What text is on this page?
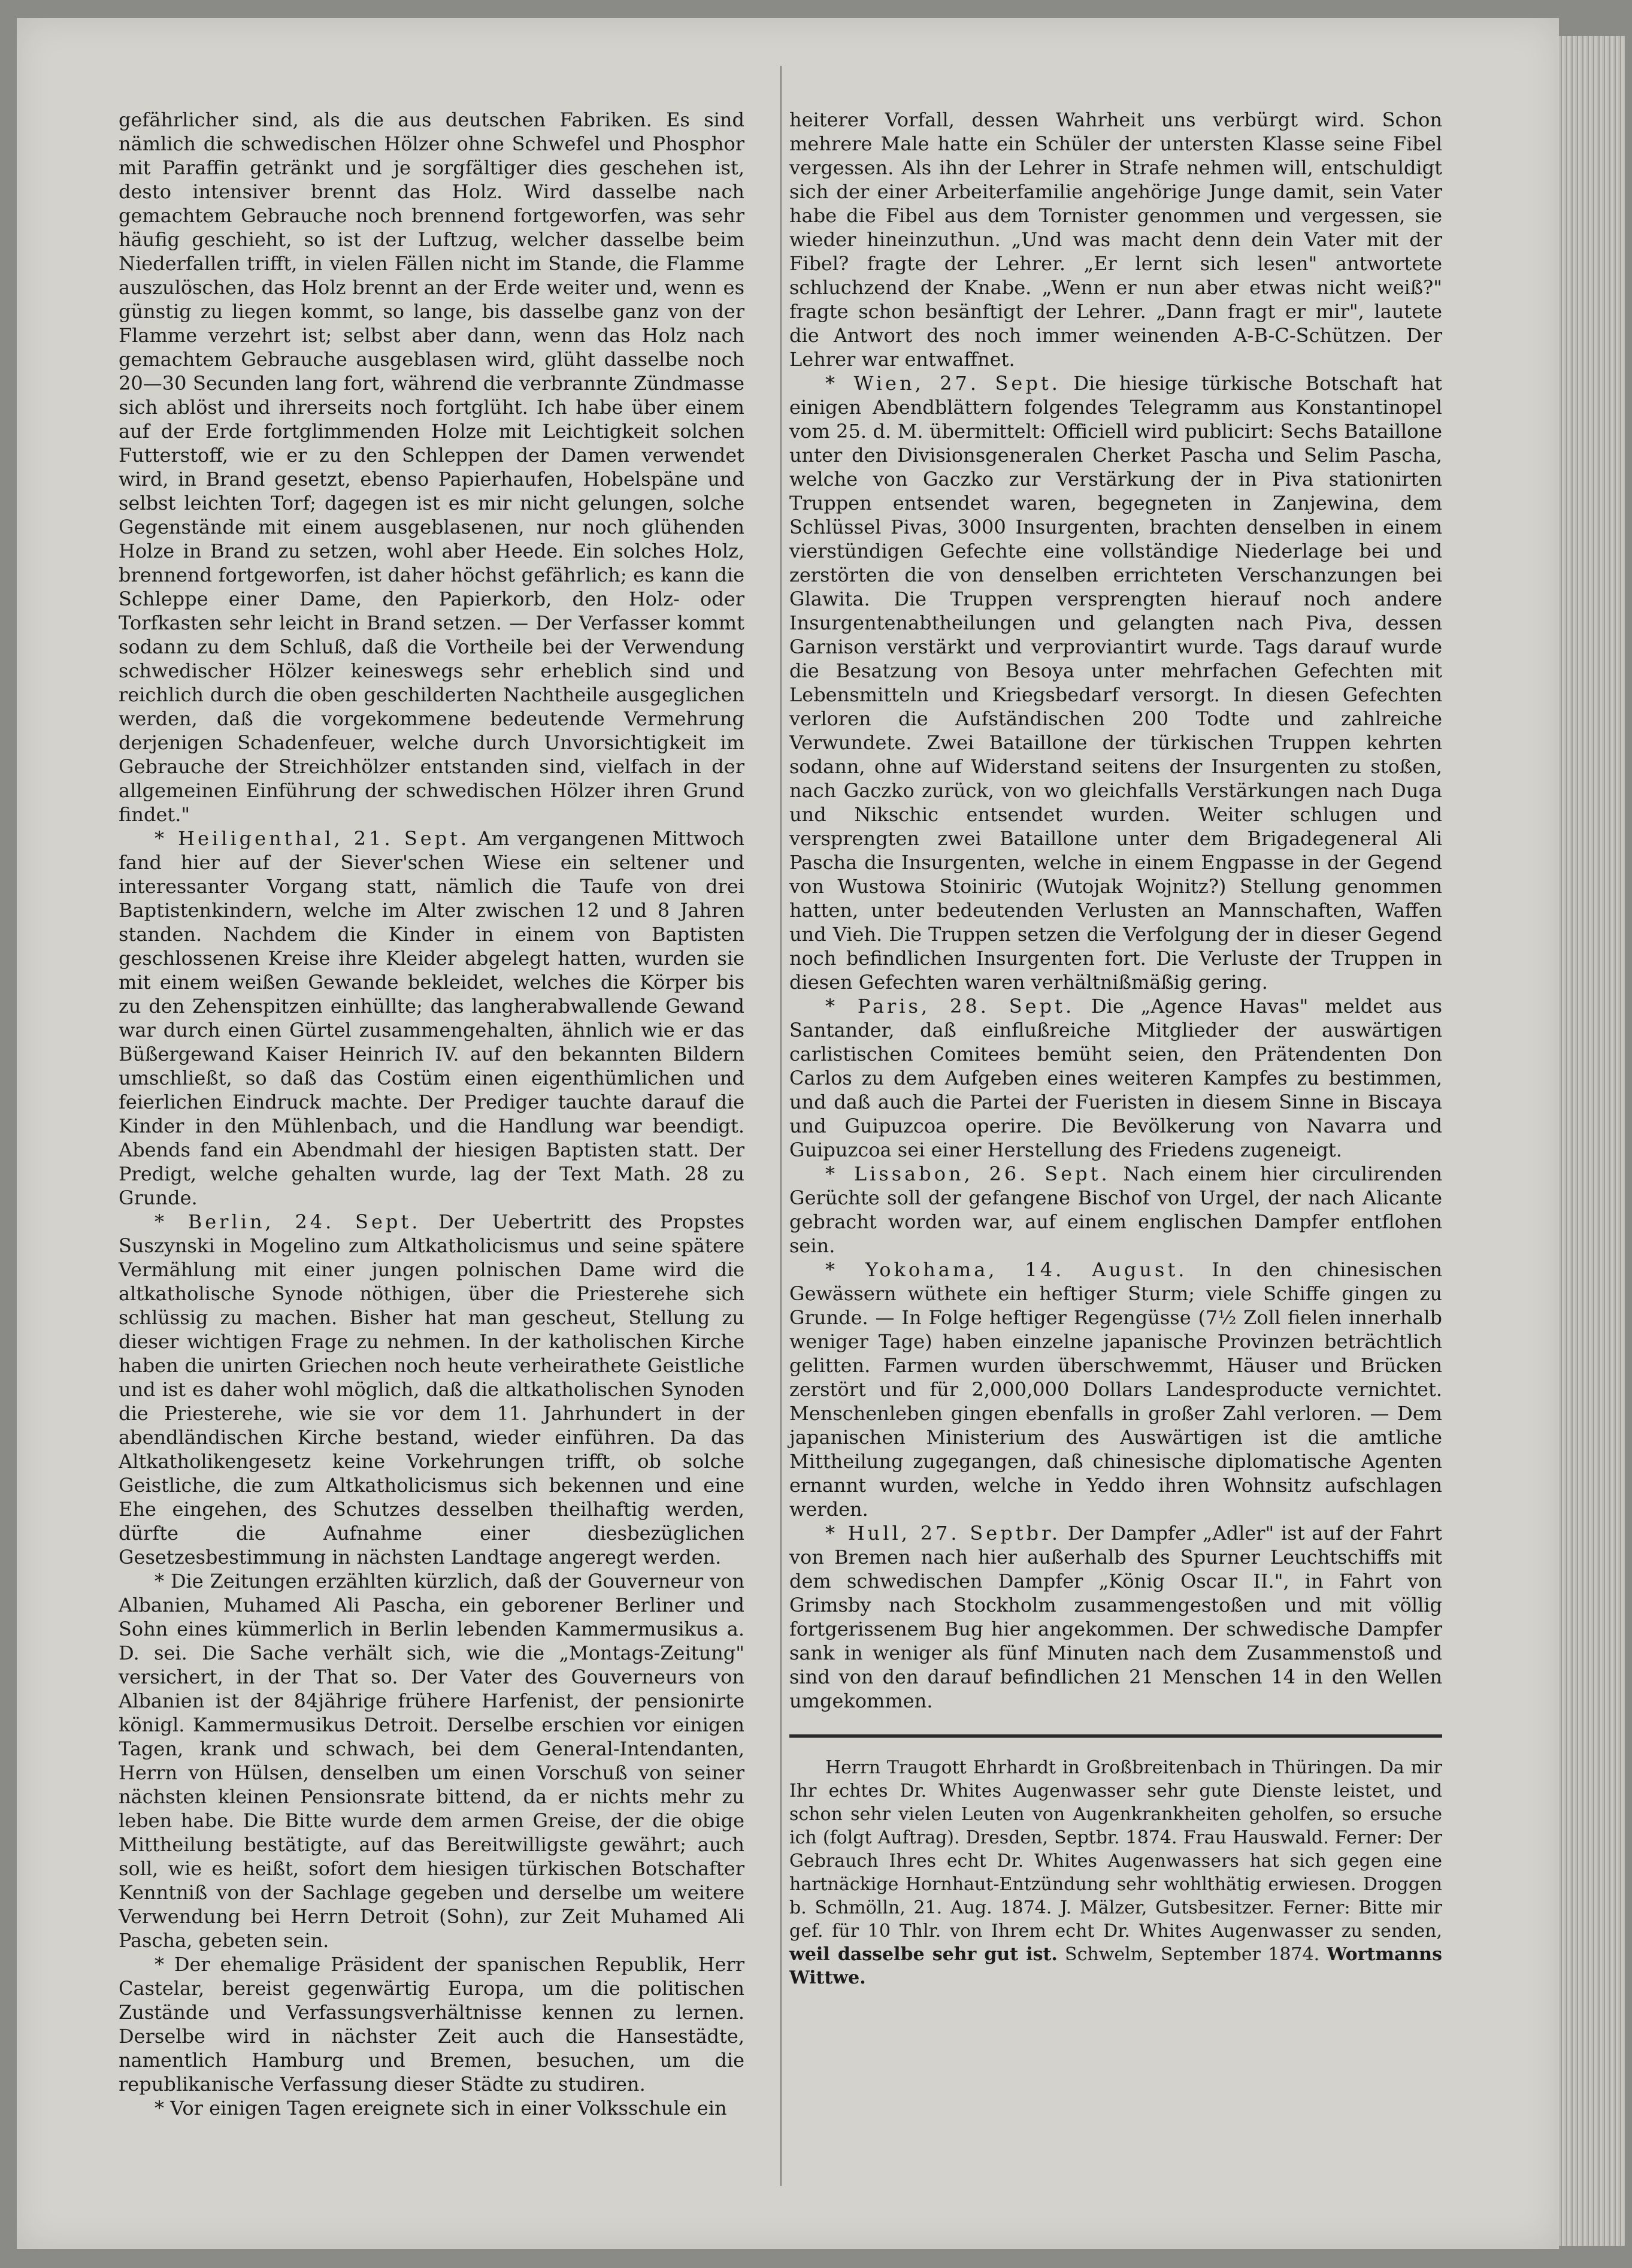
gefährlicher sind, als die aus deutschen Fabriken. Es sind nämlich die schwedischen Hölzer ohne Schwefel und Phosphor mit Paraffin getränkt und je sorgfältiger dies geschehen ist, desto intensiver brennt das Holz. Wird dasselbe nach gemachtem Gebrauche noch brennend fortgeworfen, was sehr häufig geschieht, so ist der Luftzug, welcher dasselbe beim Niederfallen trifft, in vielen Fällen nicht im Stande, die Flamme auszulöschen, das Holz brennt an der Erde weiter und, wenn es günstig zu liegen kommt, so lange, bis dasselbe ganz von der Flamme verzehrt ist; selbst aber dann, wenn das Holz nach gemachtem Gebrauche ausgeblasen wird, glüht dasselbe noch 20—30 Secunden lang fort, während die verbrannte Zündmasse sich ablöst und ihrerseits noch fortglüht. Ich habe über einem auf der Erde fortglimmenden Holze mit Leichtigkeit solchen Futterstoff, wie er zu den Schleppen der Damen verwendet wird, in Brand gesetzt, ebenso Papierhaufen, Hobelspäne und selbst leichten Torf; dagegen ist es mir nicht gelungen, solche Gegenstände mit einem ausgeblasenen, nur noch glühenden Holze in Brand zu setzen, wohl aber Heede. Ein solches Holz, brennend fortgeworfen, ist daher höchst gefährlich; es kann die Schleppe einer Dame, den Papierkorb, den Holz- oder Torfkasten sehr leicht in Brand setzen. — Der Verfasser kommt sodann zu dem Schluß, daß die Vortheile bei der Verwendung schwedischer Hölzer keineswegs sehr erheblich sind und reichlich durch die oben geschilderten Nachtheile ausgeglichen werden, daß die vorgekommene bedeutende Vermehrung derjenigen Schadenfeuer, welche durch Unvorsichtigkeit im Gebrauche der Streichhölzer entstanden sind, vielfach in der allgemeinen Einführung der schwedischen Hölzer ihren Grund findet."

* Heiligenthal, 21. Sept. Am vergangenen Mittwoch fand hier auf der Siever'schen Wiese ein seltener und interessanter Vorgang statt, nämlich die Taufe von drei Baptistenkindern, welche im Alter zwischen 12 und 8 Jahren standen. Nachdem die Kinder in einem von Baptisten geschlossenen Kreise ihre Kleider abgelegt hatten, wurden sie mit einem weißen Gewande bekleidet, welches die Körper bis zu den Zehenspitzen einhüllte; das langherabwallende Gewand war durch einen Gürtel zusammengehalten, ähnlich wie er das Büßergewand Kaiser Heinrich IV. auf den bekannten Bildern umschließt, so daß das Costüm einen eigenthümlichen und feierlichen Eindruck machte. Der Prediger tauchte darauf die Kinder in den Mühlenbach, und die Handlung war beendigt. Abends fand ein Abendmahl der hiesigen Baptisten statt. Der Predigt, welche gehalten wurde, lag der Text Math. 28 zu Grunde.

* Berlin, 24. Sept. Der Uebertritt des Propstes Suszynski in Mogelino zum Altkatholicismus und seine spätere Vermählung mit einer jungen polnischen Dame wird die altkatholische Synode nöthigen, über die Priesterehe sich schlüssig zu machen. Bisher hat man gescheut, Stellung zu dieser wichtigen Frage zu nehmen. In der katholischen Kirche haben die unirten Griechen noch heute verheirathete Geistliche und ist es daher wohl möglich, daß die altkatholischen Synoden die Priesterehe, wie sie vor dem 11. Jahrhundert in der abendländischen Kirche bestand, wieder einführen. Da das Altkatholikengesetz keine Vorkehrungen trifft, ob solche Geistliche, die zum Altkatholicismus sich bekennen und eine Ehe eingehen, des Schutzes desselben theilhaftig werden, dürfte die Aufnahme einer diesbezüglichen Gesetzesbestimmung in nächsten Landtage angeregt werden.

* Die Zeitungen erzählten kürzlich, daß der Gouverneur von Albanien, Muhamed Ali Pascha, ein geborener Berliner und Sohn eines kümmerlich in Berlin lebenden Kammermusikus a. D. sei. Die Sache verhält sich, wie die „Montags-Zeitung" versichert, in der That so. Der Vater des Gouverneurs von Albanien ist der 84jährige frühere Harfenist, der pensionirte königl. Kammermusikus Detroit. Derselbe erschien vor einigen Tagen, krank und schwach, bei dem General-Intendanten, Herrn von Hülsen, denselben um einen Vorschuß von seiner nächsten kleinen Pensionsrate bittend, da er nichts mehr zu leben habe. Die Bitte wurde dem armen Greise, der die obige Mittheilung bestätigte, auf das Bereitwilligste gewährt; auch soll, wie es heißt, sofort dem hiesigen türkischen Botschafter Kenntniß von der Sachlage gegeben und derselbe um weitere Verwendung bei Herrn Detroit (Sohn), zur Zeit Muhamed Ali Pascha, gebeten sein.

* Der ehemalige Präsident der spanischen Republik, Herr Castelar, bereist gegenwärtig Europa, um die politischen Zustände und Verfassungsverhältnisse kennen zu lernen. Derselbe wird in nächster Zeit auch die Hansestädte, namentlich Hamburg und Bremen, besuchen, um die republikanische Verfassung dieser Städte zu studiren.

* Vor einigen Tagen ereignete sich in einer Volksschule ein

heiterer Vorfall, dessen Wahrheit uns verbürgt wird. Schon mehrere Male hatte ein Schüler der untersten Klasse seine Fibel vergessen. Als ihn der Lehrer in Strafe nehmen will, entschuldigt sich der einer Arbeiterfamilie angehörige Junge damit, sein Vater habe die Fibel aus dem Tornister genommen und vergessen, sie wieder hineinzuthun. „Und was macht denn dein Vater mit der Fibel? fragte der Lehrer. „Er lernt sich lesen" antwortete schluchzend der Knabe. „Wenn er nun aber etwas nicht weiß?" fragte schon besänftigt der Lehrer. „Dann fragt er mir", lautete die Antwort des noch immer weinenden A-B-C-Schützen. Der Lehrer war entwaffnet.

* Wien, 27. Sept. Die hiesige türkische Botschaft hat einigen Abendblättern folgendes Telegramm aus Konstantinopel vom 25. d. M. übermittelt: Officiell wird publicirt: Sechs Bataillone unter den Divisionsgeneralen Cherket Pascha und Selim Pascha, welche von Gaczko zur Verstärkung der in Piva stationirten Truppen entsendet waren, begegneten in Zanjewina, dem Schlüssel Pivas, 3000 Insurgenten, brachten denselben in einem vierstündigen Gefechte eine vollständige Niederlage bei und zerstörten die von denselben errichteten Verschanzungen bei Glawita. Die Truppen versprengten hierauf noch andere Insurgentenabtheilungen und gelangten nach Piva, dessen Garnison verstärkt und verproviantirt wurde. Tags darauf wurde die Besatzung von Besoya unter mehrfachen Gefechten mit Lebensmitteln und Kriegsbedarf versorgt. In diesen Gefechten verloren die Aufständischen 200 Todte und zahlreiche Verwundete. Zwei Bataillone der türkischen Truppen kehrten sodann, ohne auf Widerstand seitens der Insurgenten zu stoßen, nach Gaczko zurück, von wo gleichfalls Verstärkungen nach Duga und Nikschic entsendet wurden. Weiter schlugen und versprengten zwei Bataillone unter dem Brigadegeneral Ali Pascha die Insurgenten, welche in einem Engpasse in der Gegend von Wustowa Stoiniric (Wutojak Wojnitz?) Stellung genommen hatten, unter bedeutenden Verlusten an Mannschaften, Waffen und Vieh. Die Truppen setzen die Verfolgung der in dieser Gegend noch befindlichen Insurgenten fort. Die Verluste der Truppen in diesen Gefechten waren verhältnißmäßig gering.

* Paris, 28. Sept. Die „Agence Havas" meldet aus Santander, daß einflußreiche Mitglieder der auswärtigen carlistischen Comitees bemüht seien, den Prätendenten Don Carlos zu dem Aufgeben eines weiteren Kampfes zu bestimmen, und daß auch die Partei der Fueristen in diesem Sinne in Biscaya und Guipuzcoa operire. Die Bevölkerung von Navarra und Guipuzcoa sei einer Herstellung des Friedens zugeneigt.

* Lissabon, 26. Sept. Nach einem hier circulirenden Gerüchte soll der gefangene Bischof von Urgel, der nach Alicante gebracht worden war, auf einem englischen Dampfer entflohen sein.

* Yokohama, 14. August. In den chinesischen Gewässern wüthete ein heftiger Sturm; viele Schiffe gingen zu Grunde. — In Folge heftiger Regengüsse (7½ Zoll fielen innerhalb weniger Tage) haben einzelne japanische Provinzen beträchtlich gelitten. Farmen wurden überschwemmt, Häuser und Brücken zerstört und für 2,000,000 Dollars Landesproducte vernichtet. Menschenleben gingen ebenfalls in großer Zahl verloren. — Dem japanischen Ministerium des Auswärtigen ist die amtliche Mittheilung zugegangen, daß chinesische diplomatische Agenten ernannt wurden, welche in Yeddo ihren Wohnsitz aufschlagen werden.

* Hull, 27. Septbr. Der Dampfer „Adler" ist auf der Fahrt von Bremen nach hier außerhalb des Spurner Leuchtschiffs mit dem schwedischen Dampfer „König Oscar II.", in Fahrt von Grimsby nach Stockholm zusammengestoßen und mit völlig fortgerissenem Bug hier angekommen. Der schwedische Dampfer sank in weniger als fünf Minuten nach dem Zusammenstoß und sind von den darauf befindlichen 21 Menschen 14 in den Wellen umgekommen.

Herrn Traugott Ehrhardt in Großbreitenbach in Thüringen. Da mir Ihr echtes Dr. Whites Augenwasser sehr gute Dienste leistet, und schon sehr vielen Leuten von Augenkrankheiten geholfen, so ersuche ich (folgt Auftrag). Dresden, Septbr. 1874. Frau Hauswald. Ferner: Der Gebrauch Ihres echt Dr. Whites Augenwassers hat sich gegen eine hartnäckige Hornhaut-Entzündung sehr wohlthätig erwiesen. Droggen b. Schmölln, 21. Aug. 1874. J. Mälzer, Gutsbesitzer. Ferner: Bitte mir gef. für 10 Thlr. von Ihrem echt Dr. Whites Augenwasser zu senden, weil dasselbe sehr gut ist. Schwelm, September 1874. Wortmanns Wittwe.
